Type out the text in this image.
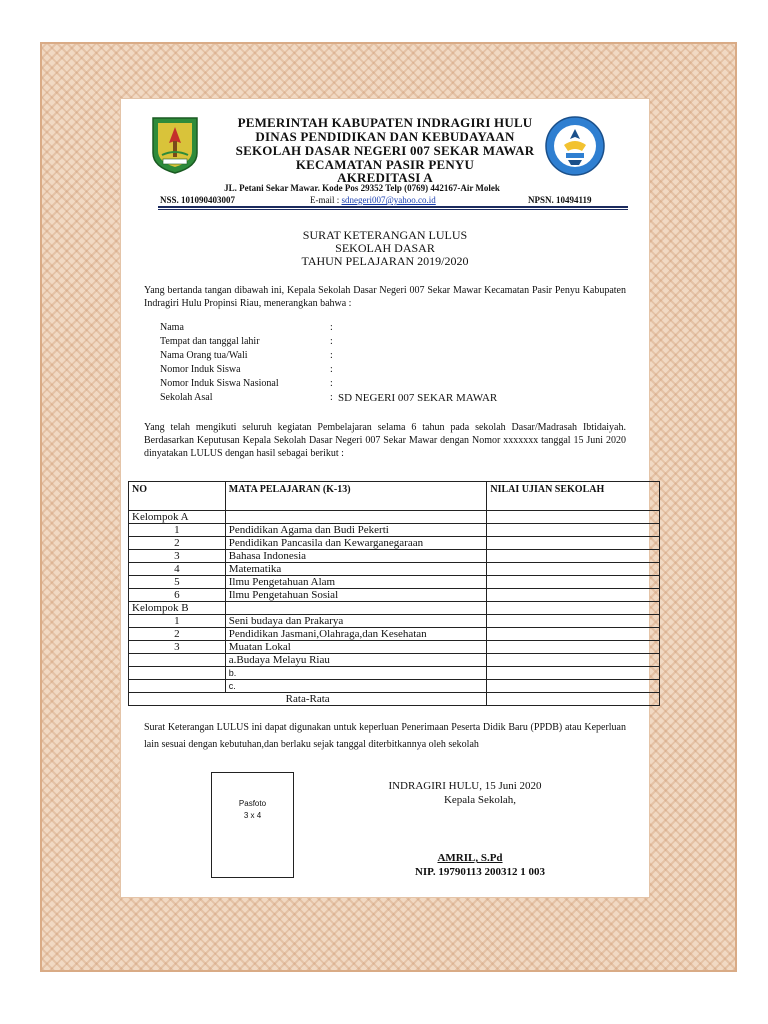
PEMERINTAH KABUPATEN INDRAGIRI HULU
DINAS PENDIDIKAN DAN KEBUDAYAAN
SEKOLAH DASAR NEGERI 007 SEKAR MAWAR
KECAMATAN PASIR PENYU
AKREDITASI A
JL. Petani Sekar Mawar. Kode Pos 29352 Telp (0769) 442167-Air Molek
NSS. 101090403007	E-mail : sdnegeri007@yahoo.co.id	NPSN. 10494119
SURAT KETERANGAN LULUS
SEKOLAH DASAR
TAHUN PELAJARAN 2019/2020
Yang bertanda tangan dibawah ini, Kepala Sekolah Dasar Negeri 007 Sekar Mawar Kecamatan Pasir Penyu Kabupaten Indragiri Hulu Propinsi Riau, menerangkan bahwa :
Nama	:
Tempat dan tanggal lahir	:
Nama Orang tua/Wali	:
Nomor Induk Siswa	:
Nomor Induk Siswa Nasional	:
Sekolah Asal	: SD NEGERI 007 SEKAR MAWAR
Yang telah mengikuti seluruh kegiatan Pembelajaran selama 6 tahun pada sekolah Dasar/Madrasah Ibtidaiyah. Berdasarkan Keputusan Kepala Sekolah Dasar Negeri 007 Sekar Mawar dengan Nomor xxxxxxx tanggal 15 Juni 2020 dinyatakan LULUS dengan hasil sebagai berikut :
NO	MATA PELAJARAN (K-13)	NILAI UJIAN SEKOLAH
Kelompok A		
1	Pendidikan Agama dan Budi Pekerti	
2	Pendidikan Pancasila dan Kewarganegaraan	
3	Bahasa Indonesia	
4	Matematika	
5	Ilmu Pengetahuan Alam	
6	Ilmu Pengetahuan Sosial	
Kelompok B		
1	Seni budaya dan Prakarya	
2	Pendidikan Jasmani,Olahraga,dan Kesehatan	
3	Muatan Lokal	
	a.Budaya Melayu Riau	
	b.	
	c.	
Rata-Rata		
Surat Keterangan LULUS ini dapat digunakan untuk keperluan Penerimaan Peserta Didik Baru (PPDB) atau Keperluan lain sesuai dengan kebutuhan,dan berlaku sejak tanggal diterbitkannya oleh sekolah
Pasfoto
3 x 4
INDRAGIRI HULU, 15 Juni 2020
Kepala Sekolah,
AMRIL, S.Pd
NIP. 19790113 200312 1 003
